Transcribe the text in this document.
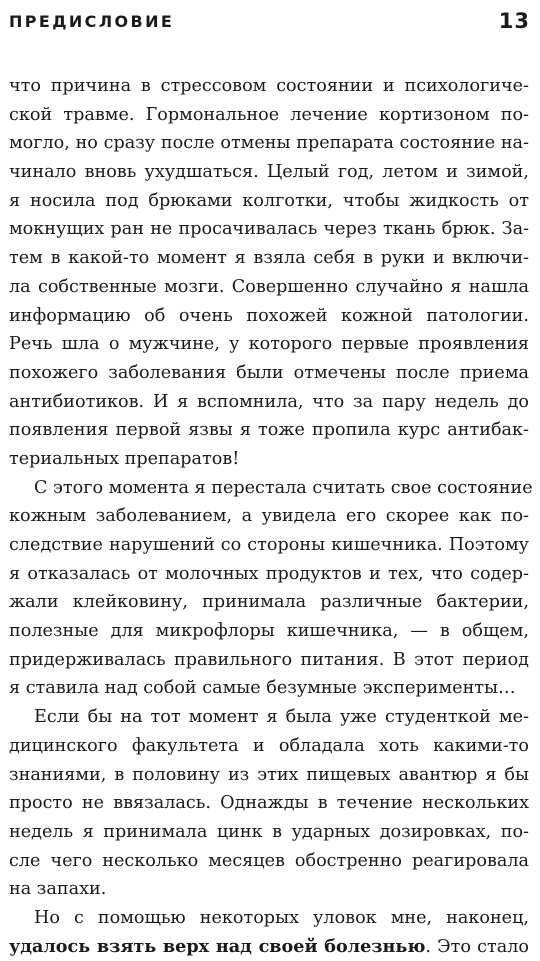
ПРЕДИСЛОВИЕ	13
что причина в стрессовом состоянии и психологиче-
ской травме. Гормональное лечение кортизоном по-
могло, но сразу после отмены препарата состояние на-
чинало вновь ухудшаться. Целый год, летом и зимой,
я носила под брюками колготки, чтобы жидкость от
мокнущих ран не просачивалась через ткань брюк. За-
тем в какой-то момент я взяла себя в руки и включи-
ла собственные мозги. Совершенно случайно я нашла
информацию об очень похожей кожной патологии.
Речь шла о мужчине, у которого первые проявления
похожего заболевания были отмечены после приема
антибиотиков. И я вспомнила, что за пару недель до
появления первой язвы я тоже пропила курс антибак-
териальных препаратов!
С этого момента я перестала считать свое состояние
кожным заболеванием, а увидела его скорее как по-
следствие нарушений со стороны кишечника. Поэтому
я отказалась от молочных продуктов и тех, что содер-
жали клейковину, принимала различные бактерии,
полезные для микрофлоры кишечника, — в общем,
придерживалась правильного питания. В этот период
я ставила над собой самые безумные эксперименты…
Если бы на тот момент я была уже студенткой ме-
дицинского факультета и обладала хоть какими-то
знаниями, в половину из этих пищевых авантюр я бы
просто не ввязалась. Однажды в течение нескольких
недель я принимала цинк в ударных дозировках, по-
сле чего несколько месяцев обостренно реагировала
на запахи.
Но с помощью некоторых уловок мне, наконец,
удалось взять верх над своей болезнью. Это стало
